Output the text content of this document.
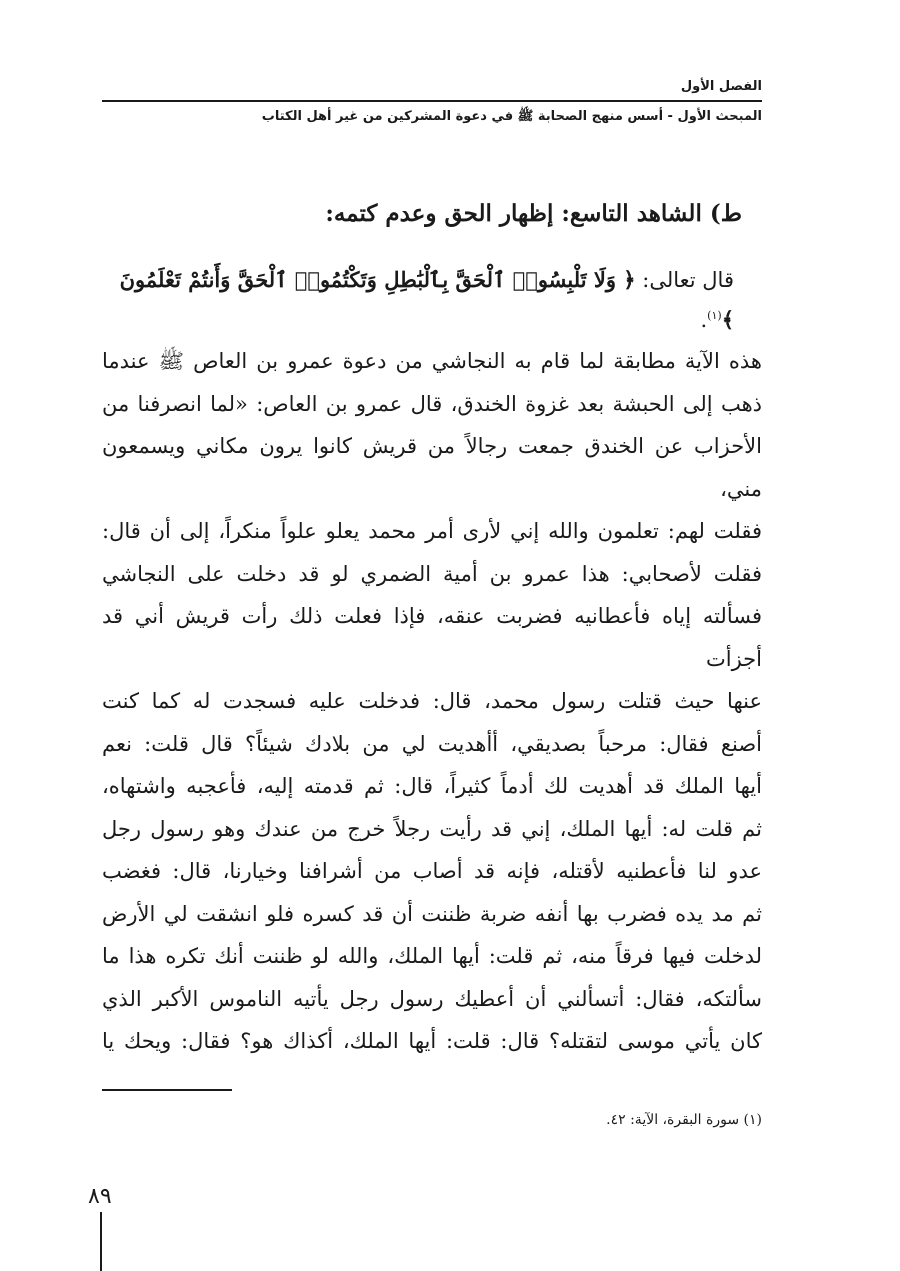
الفصل الأول
المبحث الأول - أسس منهج الصحابة ﷺ في دعوة المشركين من غير أهل الكتاب
ط) الشاهد التاسع: إظهار الحق وعدم كتمه:

قال تعالى: ﴿ وَلَا تَلْبِسُوا۟ ٱلْحَقَّ بِٱلْبَٰطِلِ وَتَكْتُمُوا۟ ٱلْحَقَّ وَأَنتُمْ تَعْلَمُونَ ﴾$^{(١)}$.

هذه الآية مطابقة لما قام به النجاشي من دعوة عمرو بن العاص ﷺ عندما

ذهب إلى الحبشة بعد غزوة الخندق، قال عمرو بن العاص: «لما انصرفنا من

الأحزاب عن الخندق جمعت رجالاً من قريش كانوا يرون مكاني ويسمعون مني،

فقلت لهم: تعلمون والله إني لأرى أمر محمد يعلو علواً منكراً، إلى أن قال:

فقلت لأصحابي: هذا عمرو بن أمية الضمري لو قد دخلت على النجاشي

فسألته إياه فأعطانيه فضربت عنقه، فإذا فعلت ذلك رأت قريش أني قد أجزأت

عنها حيث قتلت رسول محمد، قال: فدخلت عليه فسجدت له كما كنت

أصنع فقال: مرحباً بصديقي، أأهديت لي من بلادك شيئاً؟ قال قلت: نعم

أيها الملك قد أهديت لك أدماً كثيراً، قال: ثم قدمته إليه، فأعجبه واشتهاه،

ثم قلت له: أيها الملك، إني قد رأيت رجلاً خرج من عندك وهو رسول رجل

عدو لنا فأعطنيه لأقتله، فإنه قد أصاب من أشرافنا وخيارنا، قال: فغضب

ثم مد يده فضرب بها أنفه ضربة ظننت أن قد كسره فلو انشقت لي الأرض

لدخلت فيها فرقاً منه، ثم قلت: أيها الملك، والله لو ظننت أنك تكره هذا ما

سألتكه، فقال: أتسألني أن أعطيك رسول رجل يأتيه الناموس الأكبر الذي

كان يأتي موسى لتقتله؟ قال: قلت: أيها الملك، أكذاك هو؟ فقال: ويحك يا

(١) سورة البقرة، الآية: ٤٢.

٨٩
